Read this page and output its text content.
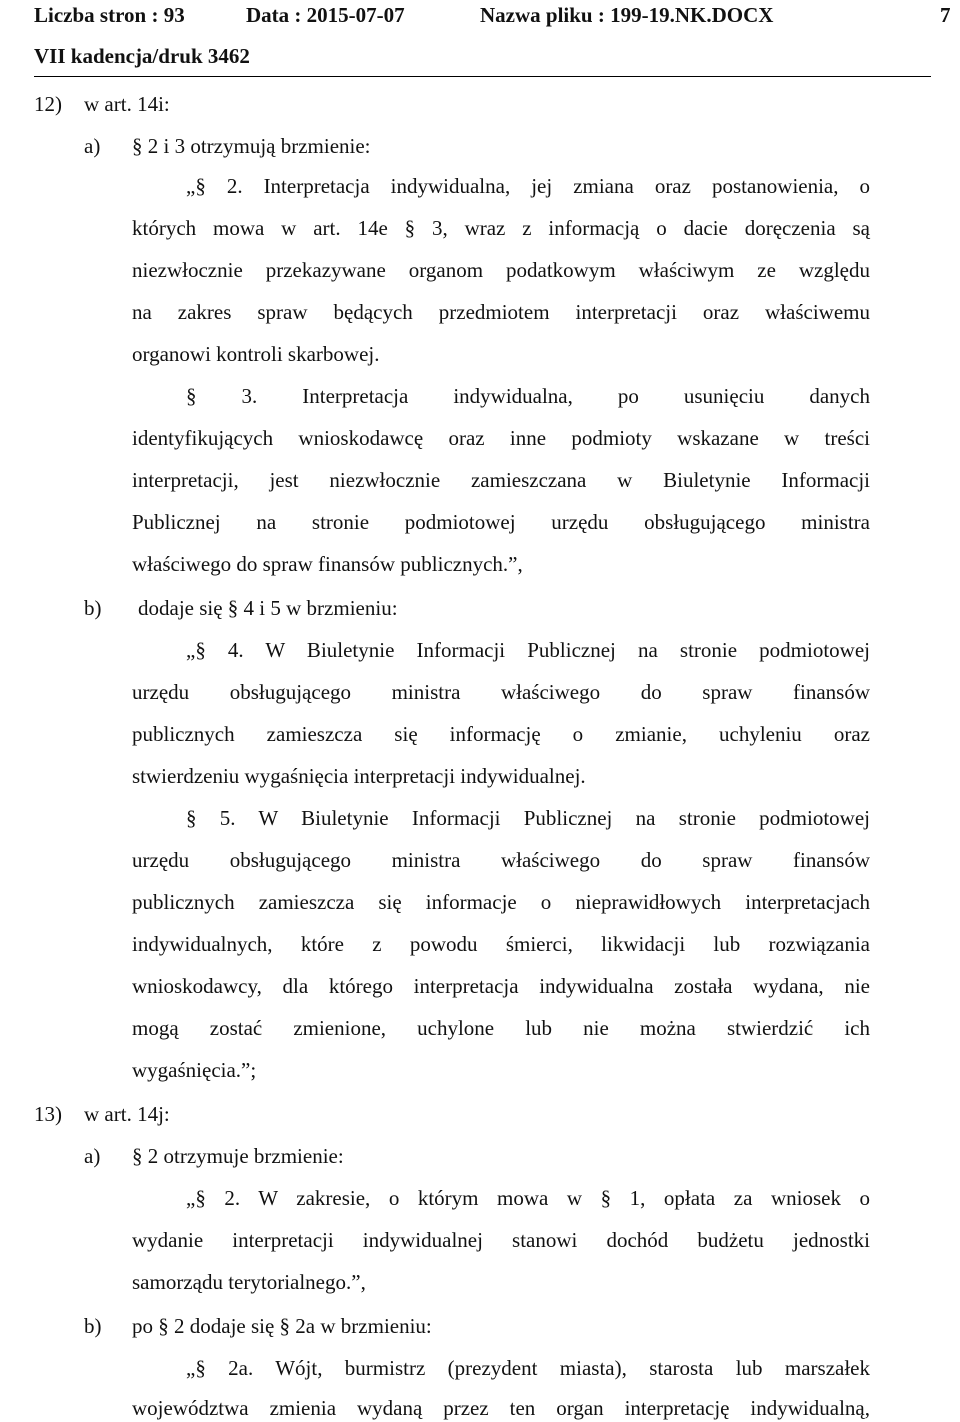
Liczba stron : 93	Data : 2015-07-07	Nazwa pliku : 199-19.NK.DOCX	7
VII kadencja/druk 3462
12) w art. 14i:
a) § 2 i 3 otrzymują brzmienie:
„§ 2. Interpretacja indywidualna, jej zmiana oraz postanowienia, o
których mowa w art. 14e § 3, wraz z informacją o dacie doręczenia są
niezwłocznie przekazywane organom podatkowym właściwym ze względu
na zakres spraw będących przedmiotem interpretacji oraz właściwemu
organowi kontroli skarbowej.
§ 3. Interpretacja indywidualna, po usunięciu danych
identyfikujących wnioskodawcę oraz inne podmioty wskazane w treści
interpretacji, jest niezwłocznie zamieszczana w Biuletynie Informacji
Publicznej na stronie podmiotowej urzędu obsługującego ministra
właściwego do spraw finansów publicznych.”,
b) dodaje się § 4 i 5 w brzmieniu:
„§ 4. W Biuletynie Informacji Publicznej na stronie podmiotowej
urzędu obsługującego ministra właściwego do spraw finansów
publicznych zamieszcza się informację o zmianie, uchyleniu oraz
stwierdzeniu wygaśnięcia interpretacji indywidualnej.
§ 5. W Biuletynie Informacji Publicznej na stronie podmiotowej
urzędu obsługującego ministra właściwego do spraw finansów
publicznych zamieszcza się informacje o nieprawidłowych interpretacjach
indywidualnych, które z powodu śmierci, likwidacji lub rozwiązania
wnioskodawcy, dla którego interpretacja indywidualna została wydana, nie
mogą zostać zmienione, uchylone lub nie można stwierdzić ich
wygaśnięcia.”;
13) w art. 14j:
a) § 2 otrzymuje brzmienie:
„§ 2. W zakresie, o którym mowa w § 1, opłata za wniosek o
wydanie interpretacji indywidualnej stanowi dochód budżetu jednostki
samorządu terytorialnego.”,
b) po § 2 dodaje się § 2a w brzmieniu:
„§ 2a. Wójt, burmistrz (prezydent miasta), starosta lub marszałek
województwa zmienia wydaną przez ten organ interpretację indywidualną,
